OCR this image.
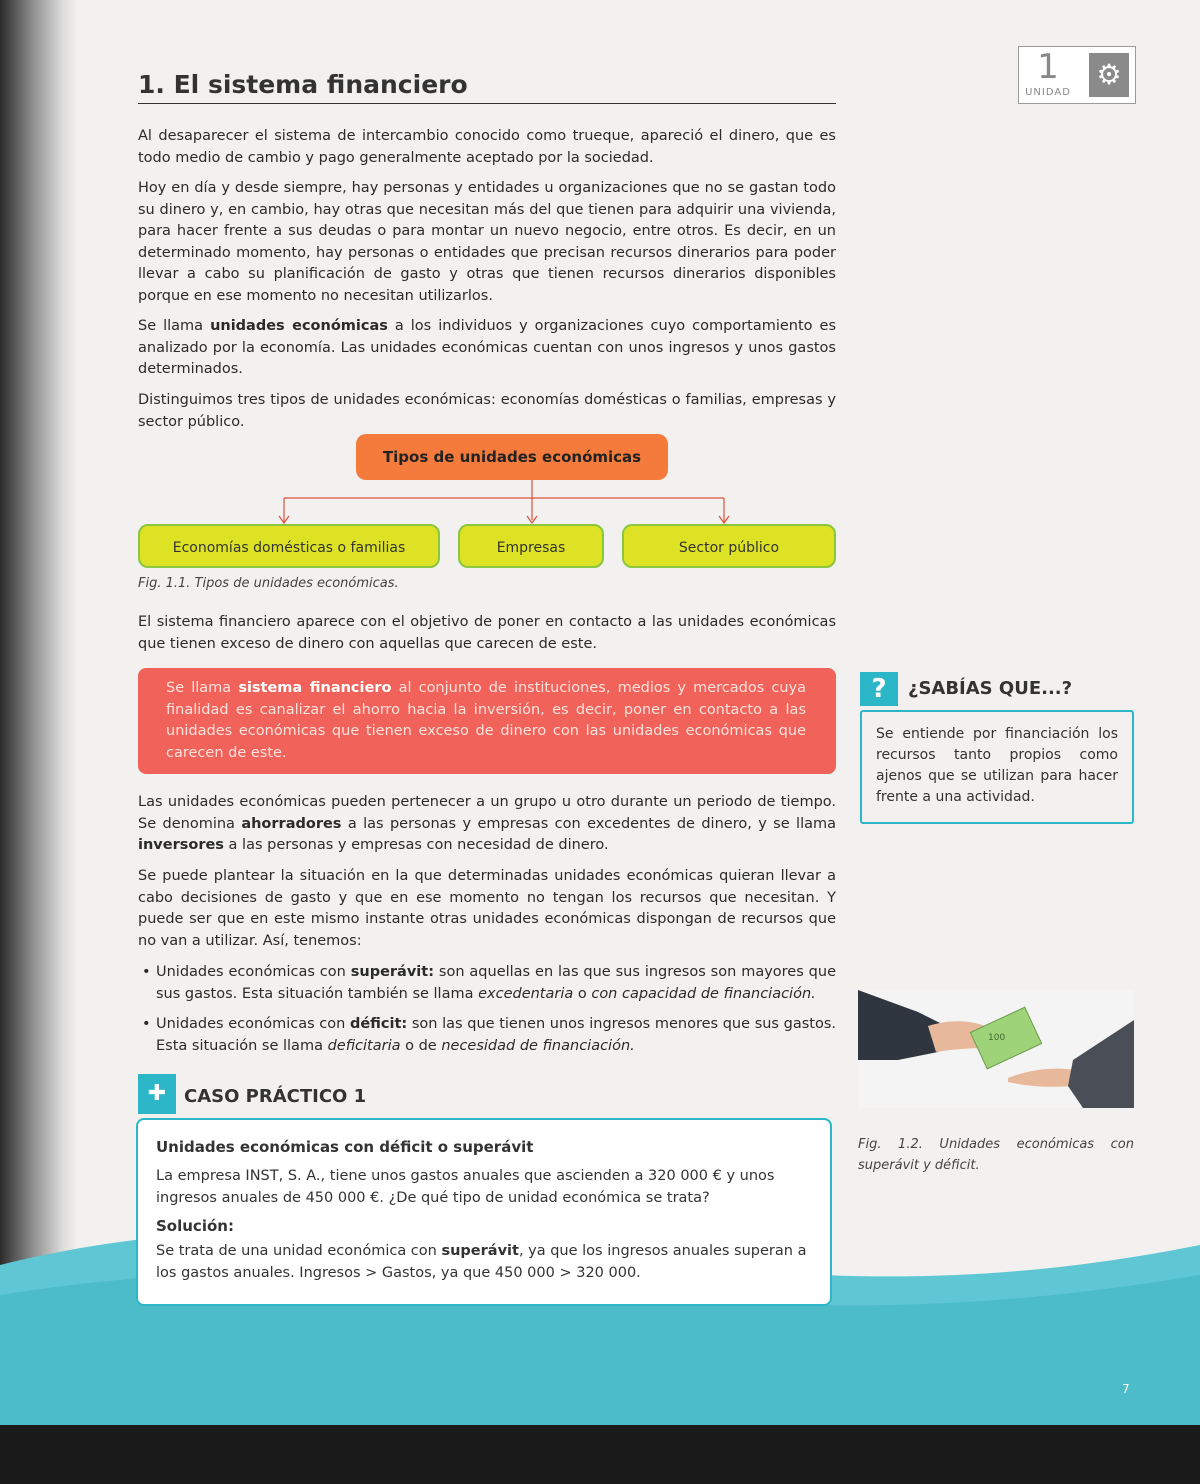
1
UNIDAD
⚙
1. El sistema financiero

Al desaparecer el sistema de intercambio conocido como trueque, apareció el dinero, que es todo medio de cambio y pago generalmente aceptado por la sociedad.

Hoy en día y desde siempre, hay personas y entidades u organizaciones que no se gastan todo su dinero y, en cambio, hay otras que necesitan más del que tienen para adquirir una vivienda, para hacer frente a sus deudas o para montar un nuevo negocio, entre otros. Es decir, en un determinado momento, hay personas o entidades que precisan recursos dinerarios para poder llevar a cabo su planificación de gasto y otras que tienen recursos dinerarios disponibles porque en ese momento no necesitan utilizarlos.

Se llama unidades económicas a los individuos y organizaciones cuyo comportamiento es analizado por la economía. Las unidades económicas cuentan con unos ingresos y unos gastos determinados.

Distinguimos tres tipos de unidades económicas: economías domésticas o familias, empresas y sector público.

Tipos de unidades económicas
Economías domésticas o familias	Empresas	Sector público
Fig. 1.1. Tipos de unidades económicas.

El sistema financiero aparece con el objetivo de poner en contacto a las unidades económicas que tienen exceso de dinero con aquellas que carecen de este.

Se llama sistema financiero al conjunto de instituciones, medios y mercados cuya finalidad es canalizar el ahorro hacia la inversión, es decir, poner en contacto a las unidades económicas que tienen exceso de dinero con las unidades económicas que carecen de este.

Las unidades económicas pueden pertenecer a un grupo u otro durante un periodo de tiempo. Se denomina ahorradores a las personas y empresas con excedentes de dinero, y se llama inversores a las personas y empresas con necesidad de dinero.

Se puede plantear la situación en la que determinadas unidades económicas quieran llevar a cabo decisiones de gasto y que en ese momento no tengan los recursos que necesitan. Y puede ser que en este mismo instante otras unidades económicas dispongan de recursos que no van a utilizar. Así, tenemos:

• Unidades económicas con superávit: son aquellas en las que sus ingresos son mayores que sus gastos. Esta situación también se llama excedentaria o con capacidad de financiación.
• Unidades económicas con déficit: son las que tienen unos ingresos menores que sus gastos. Esta situación se llama deficitaria o de necesidad de financiación.
?	¿SABÍAS QUE...?
Se entiende por financiación los recursos tanto propios como ajenos que se utilizan para hacer frente a una actividad.
100
Fig. 1.2. Unidades económicas con superávit y déficit.
✚ CASO PRÁCTICO 1
Unidades económicas con déficit o superávit

La empresa INST, S. A., tiene unos gastos anuales que ascienden a 320 000 € y unos ingresos anuales de 450 000 €. ¿De qué tipo de unidad económica se trata?

Solución:

Se trata de una unidad económica con superávit, ya que los ingresos anuales superan a los gastos anuales. Ingresos > Gastos, ya que 450 000 > 320 000.

7
